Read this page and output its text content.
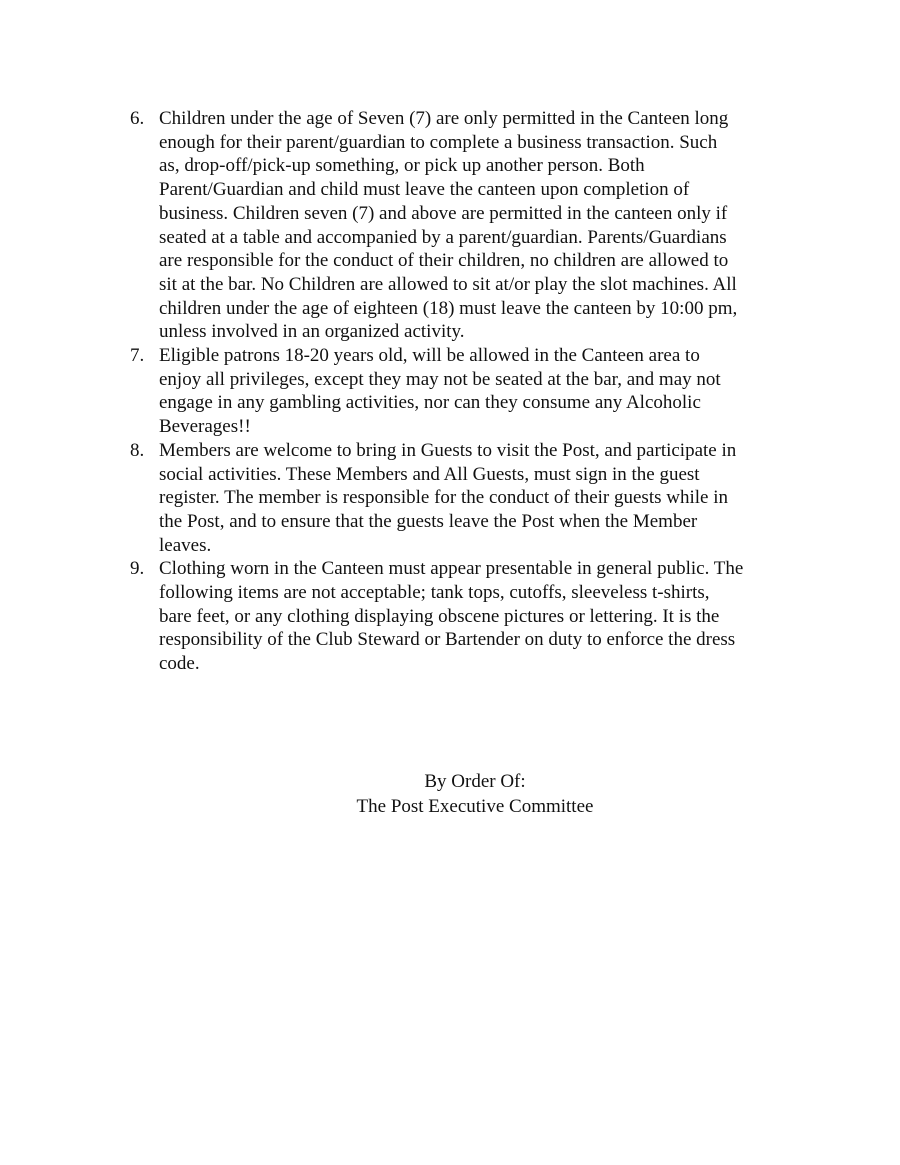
6. Children under the age of Seven (7) are only permitted in the Canteen long
enough for their parent/guardian to complete a business transaction. Such
as, drop-off/pick-up something, or pick up another person. Both
Parent/Guardian and child must leave the canteen upon completion of
business. Children seven (7) and above are permitted in the canteen only if
seated at a table and accompanied by a parent/guardian. Parents/Guardians
are responsible for the conduct of their children, no children are allowed to
sit at the bar. No Children are allowed to sit at/or play the slot machines. All
children under the age of eighteen (18) must leave the canteen by 10:00 pm,
unless involved in an organized activity.
7. Eligible patrons 18-20 years old, will be allowed in the Canteen area to
enjoy all privileges, except they may not be seated at the bar, and may not
engage in any gambling activities, nor can they consume any Alcoholic
Beverages!!
8. Members are welcome to bring in Guests to visit the Post, and participate in
social activities. These Members and All Guests, must sign in the guest
register. The member is responsible for the conduct of their guests while in
the Post, and to ensure that the guests leave the Post when the Member
leaves.
9. Clothing worn in the Canteen must appear presentable in general public. The
following items are not acceptable; tank tops, cutoffs, sleeveless t-shirts,
bare feet, or any clothing displaying obscene pictures or lettering. It is the
responsibility of the Club Steward or Bartender on duty to enforce the dress
code.
By Order Of:
The Post Executive Committee
